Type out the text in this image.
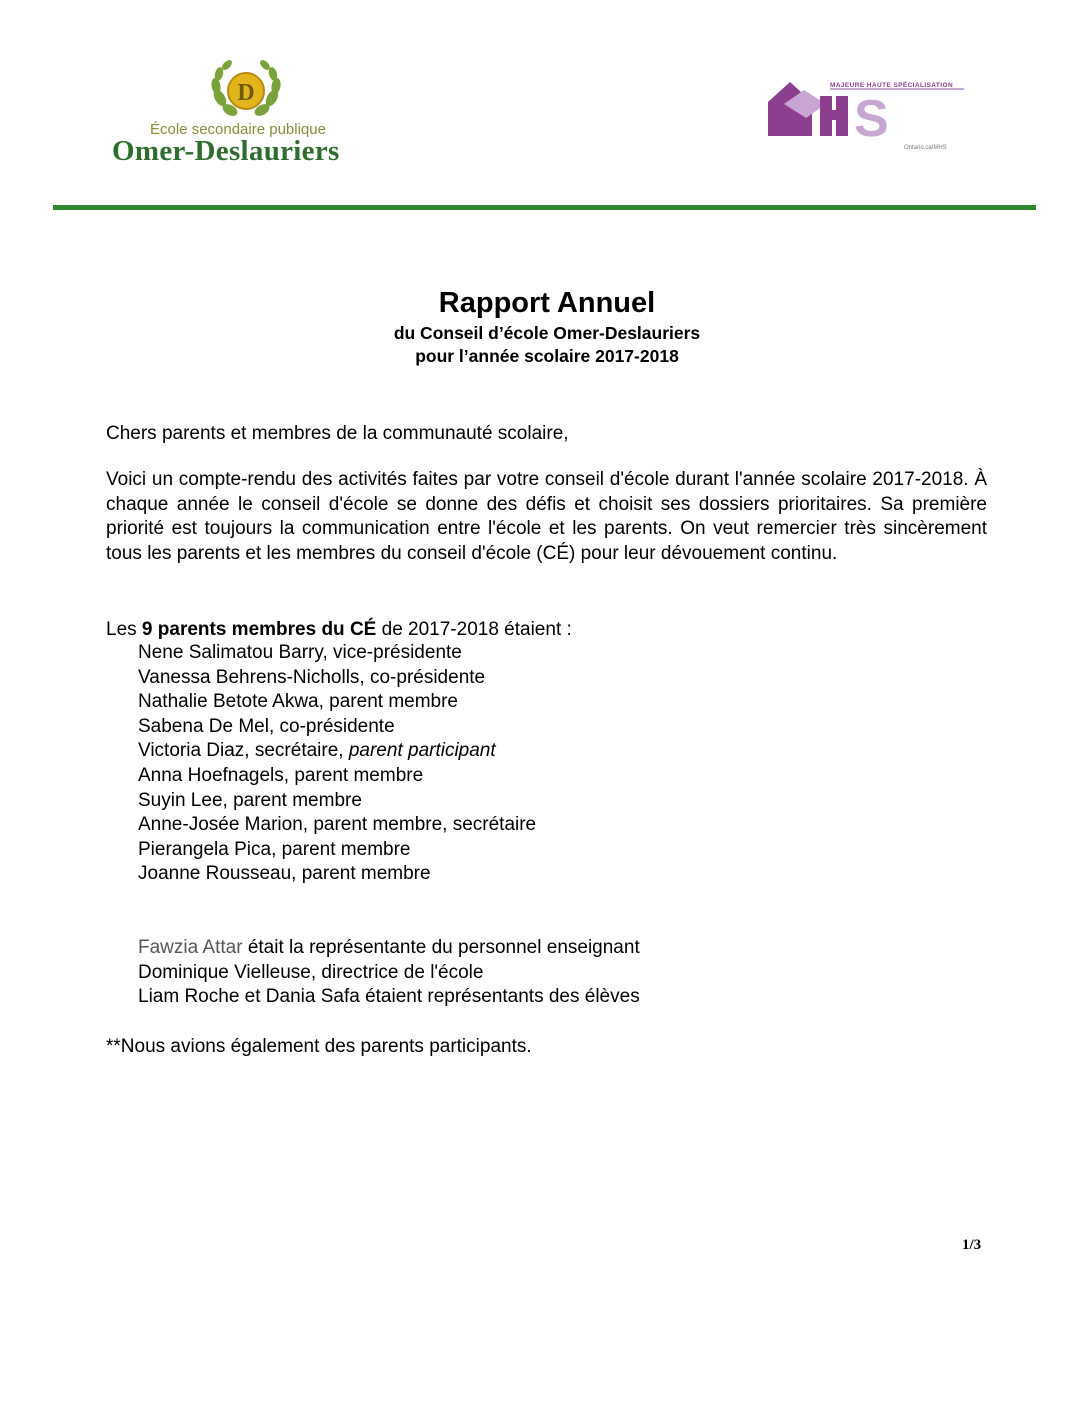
D
École secondaire publique
Omer-Deslauriers
S
MAJEURE HAUTE SPÉCIALISATION
Ontario.ca/MHS
Rapport Annuel
du Conseil d’école Omer-Deslauriers
pour l’année scolaire 2017-2018
Chers parents et membres de la communauté scolaire,
Voici un compte-rendu des activités faites par votre conseil d'école durant l'année scolaire 2017-2018. À chaque année le conseil d'école se donne des défis et choisit ses dossiers prioritaires. Sa première priorité est toujours la communication entre l'école et les parents. On veut remercier très sincèrement tous les parents et les membres du conseil d'école (CÉ) pour leur dévouement continu.
Les 9 parents membres du CÉ de 2017-2018 étaient :
Nene Salimatou Barry, vice-présidente
Vanessa Behrens-Nicholls, co-présidente
Nathalie Betote Akwa, parent membre
Sabena De Mel, co-présidente
Victoria Diaz, secrétaire, parent participant
Anna Hoefnagels, parent membre
Suyin Lee, parent membre
Anne-Josée Marion, parent membre, secrétaire
Pierangela Pica, parent membre
Joanne Rousseau, parent membre
Fawzia Attar était la représentante du personnel enseignant
Dominique Vielleuse, directrice de l'école
Liam Roche et Dania Safa étaient représentants des élèves
**Nous avions également des parents participants.
1/3
